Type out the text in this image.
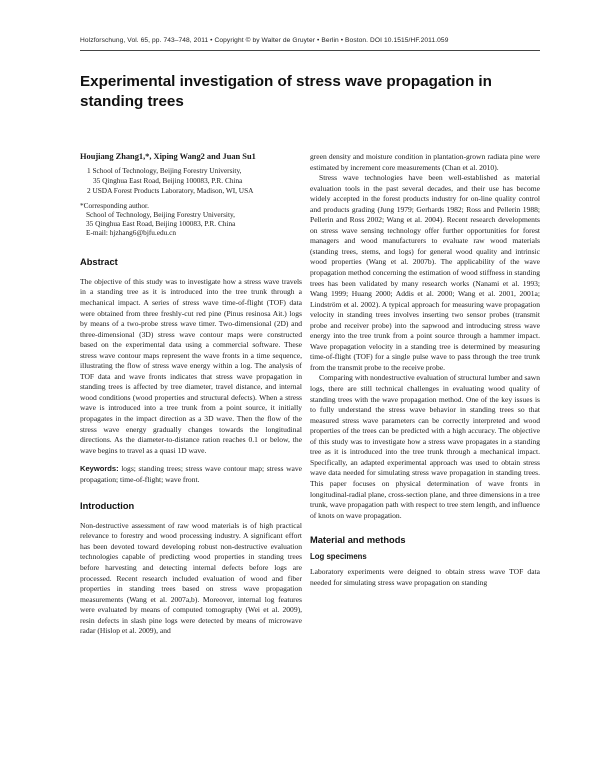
Holzforschung, Vol. 65, pp. 743–748, 2011 • Copyright © by Walter de Gruyter • Berlin • Boston. DOI 10.1515/HF.2011.059
Experimental investigation of stress wave propagation in standing trees

Houjiang Zhang1,*, Xiping Wang2 and Juan Su1

1 School of Technology, Beijing Forestry University,
35 Qinghua East Road, Beijing 100083, P.R. China
2 USDA Forest Products Laboratory, Madison, WI, USA
*Corresponding author.
School of Technology, Beijing Forestry University,
35 Qinghua East Road, Beijing 100083, P.R. China
E-mail: hjzhang6@bjfu.edu.cn
Abstract

The objective of this study was to investigate how a stress wave travels in a standing tree as it is introduced into the tree trunk through a mechanical impact. A series of stress wave time-of-flight (TOF) data were obtained from three freshly-cut red pine (Pinus resinosa Ait.) logs by means of a two-probe stress wave timer. Two-dimensional (2D) and three-dimensional (3D) stress wave contour maps were constructed based on the experimental data using a commercial software. These stress wave contour maps represent the wave fronts in a time sequence, illustrating the flow of stress wave energy within a log. The analysis of TOF data and wave fronts indicates that stress wave propagation in standing trees is affected by tree diameter, travel distance, and internal wood conditions (wood properties and structural defects). When a stress wave is introduced into a tree trunk from a point source, it initially propagates in the impact direction as a 3D wave. Then the flow of the stress wave energy gradually changes towards the longitudinal directions. As the diameter-to-distance ration reaches 0.1 or below, the wave begins to travel as a quasi 1D wave.

Keywords: logs; standing trees; stress wave contour map; stress wave propagation; time-of-flight; wave front.

Introduction

Non-destructive assessment of raw wood materials is of high practical relevance to forestry and wood processing industry. A significant effort has been devoted toward developing robust non-destructive evaluation technologies capable of predicting wood properties in standing trees before harvesting and detecting internal defects before logs are processed. Recent research included evaluation of wood and fiber properties in standing trees based on stress wave propagation measurements (Wang et al. 2007a,b). Moreover, internal log features were evaluated by means of computed tomography (Wei et al. 2009), resin defects in slash pine logs were detected by means of microwave radar (Hislop et al. 2009), and

green density and moisture condition in plantation-grown radiata pine were estimated by increment core measurements (Chan et al. 2010).

Stress wave technologies have been well-established as material evaluation tools in the past several decades, and their use has become widely accepted in the forest products industry for on-line quality control and products grading (Jung 1979; Gerhards 1982; Ross and Pellerin 1988; Pellerin and Ross 2002; Wang et al. 2004). Recent research developments on stress wave sensing technology offer further opportunities for forest managers and wood manufacturers to evaluate raw wood materials (standing trees, stems, and logs) for general wood quality and intrinsic wood properties (Wang et al. 2007b). The applicability of the wave propagation method concerning the estimation of wood stiffness in standing trees has been validated by many research works (Nanami et al. 1993; Wang 1999; Huang 2000; Addis et al. 2000; Wang et al. 2001, 2001a; Lindström et al. 2002). A typical approach for measuring wave propagation velocity in standing trees involves inserting two sensor probes (transmit probe and receiver probe) into the sapwood and introducing stress wave energy into the tree trunk from a point source through a hammer impact. Wave propagation velocity in a standing tree is determined by measuring time-of-flight (TOF) for a single pulse wave to pass through the tree trunk from the transmit probe to the receive probe.

Comparing with nondestructive evaluation of structural lumber and sawn logs, there are still technical challenges in evaluating wood quality of standing trees with the wave propagation method. One of the key issues is to fully understand the stress wave behavior in standing trees so that measured stress wave parameters can be correctly interpreted and wood properties of the trees can be predicted with a high accuracy. The objective of this study was to investigate how a stress wave propagates in a standing tree as it is introduced into the tree trunk through a mechanical impact. Specifically, an adapted experimental approach was used to obtain stress wave data needed for simulating stress wave propagation in standing trees. This paper focuses on physical determination of wave fronts in longitudinal-radial plane, cross-section plane, and three dimensions in a tree trunk, wave propagation path with respect to tree stem length, and influence of knots on wave propagation.

Material and methods
Log specimens

Laboratory experiments were deigned to obtain stress wave TOF data needed for simulating stress wave propagation on standing
